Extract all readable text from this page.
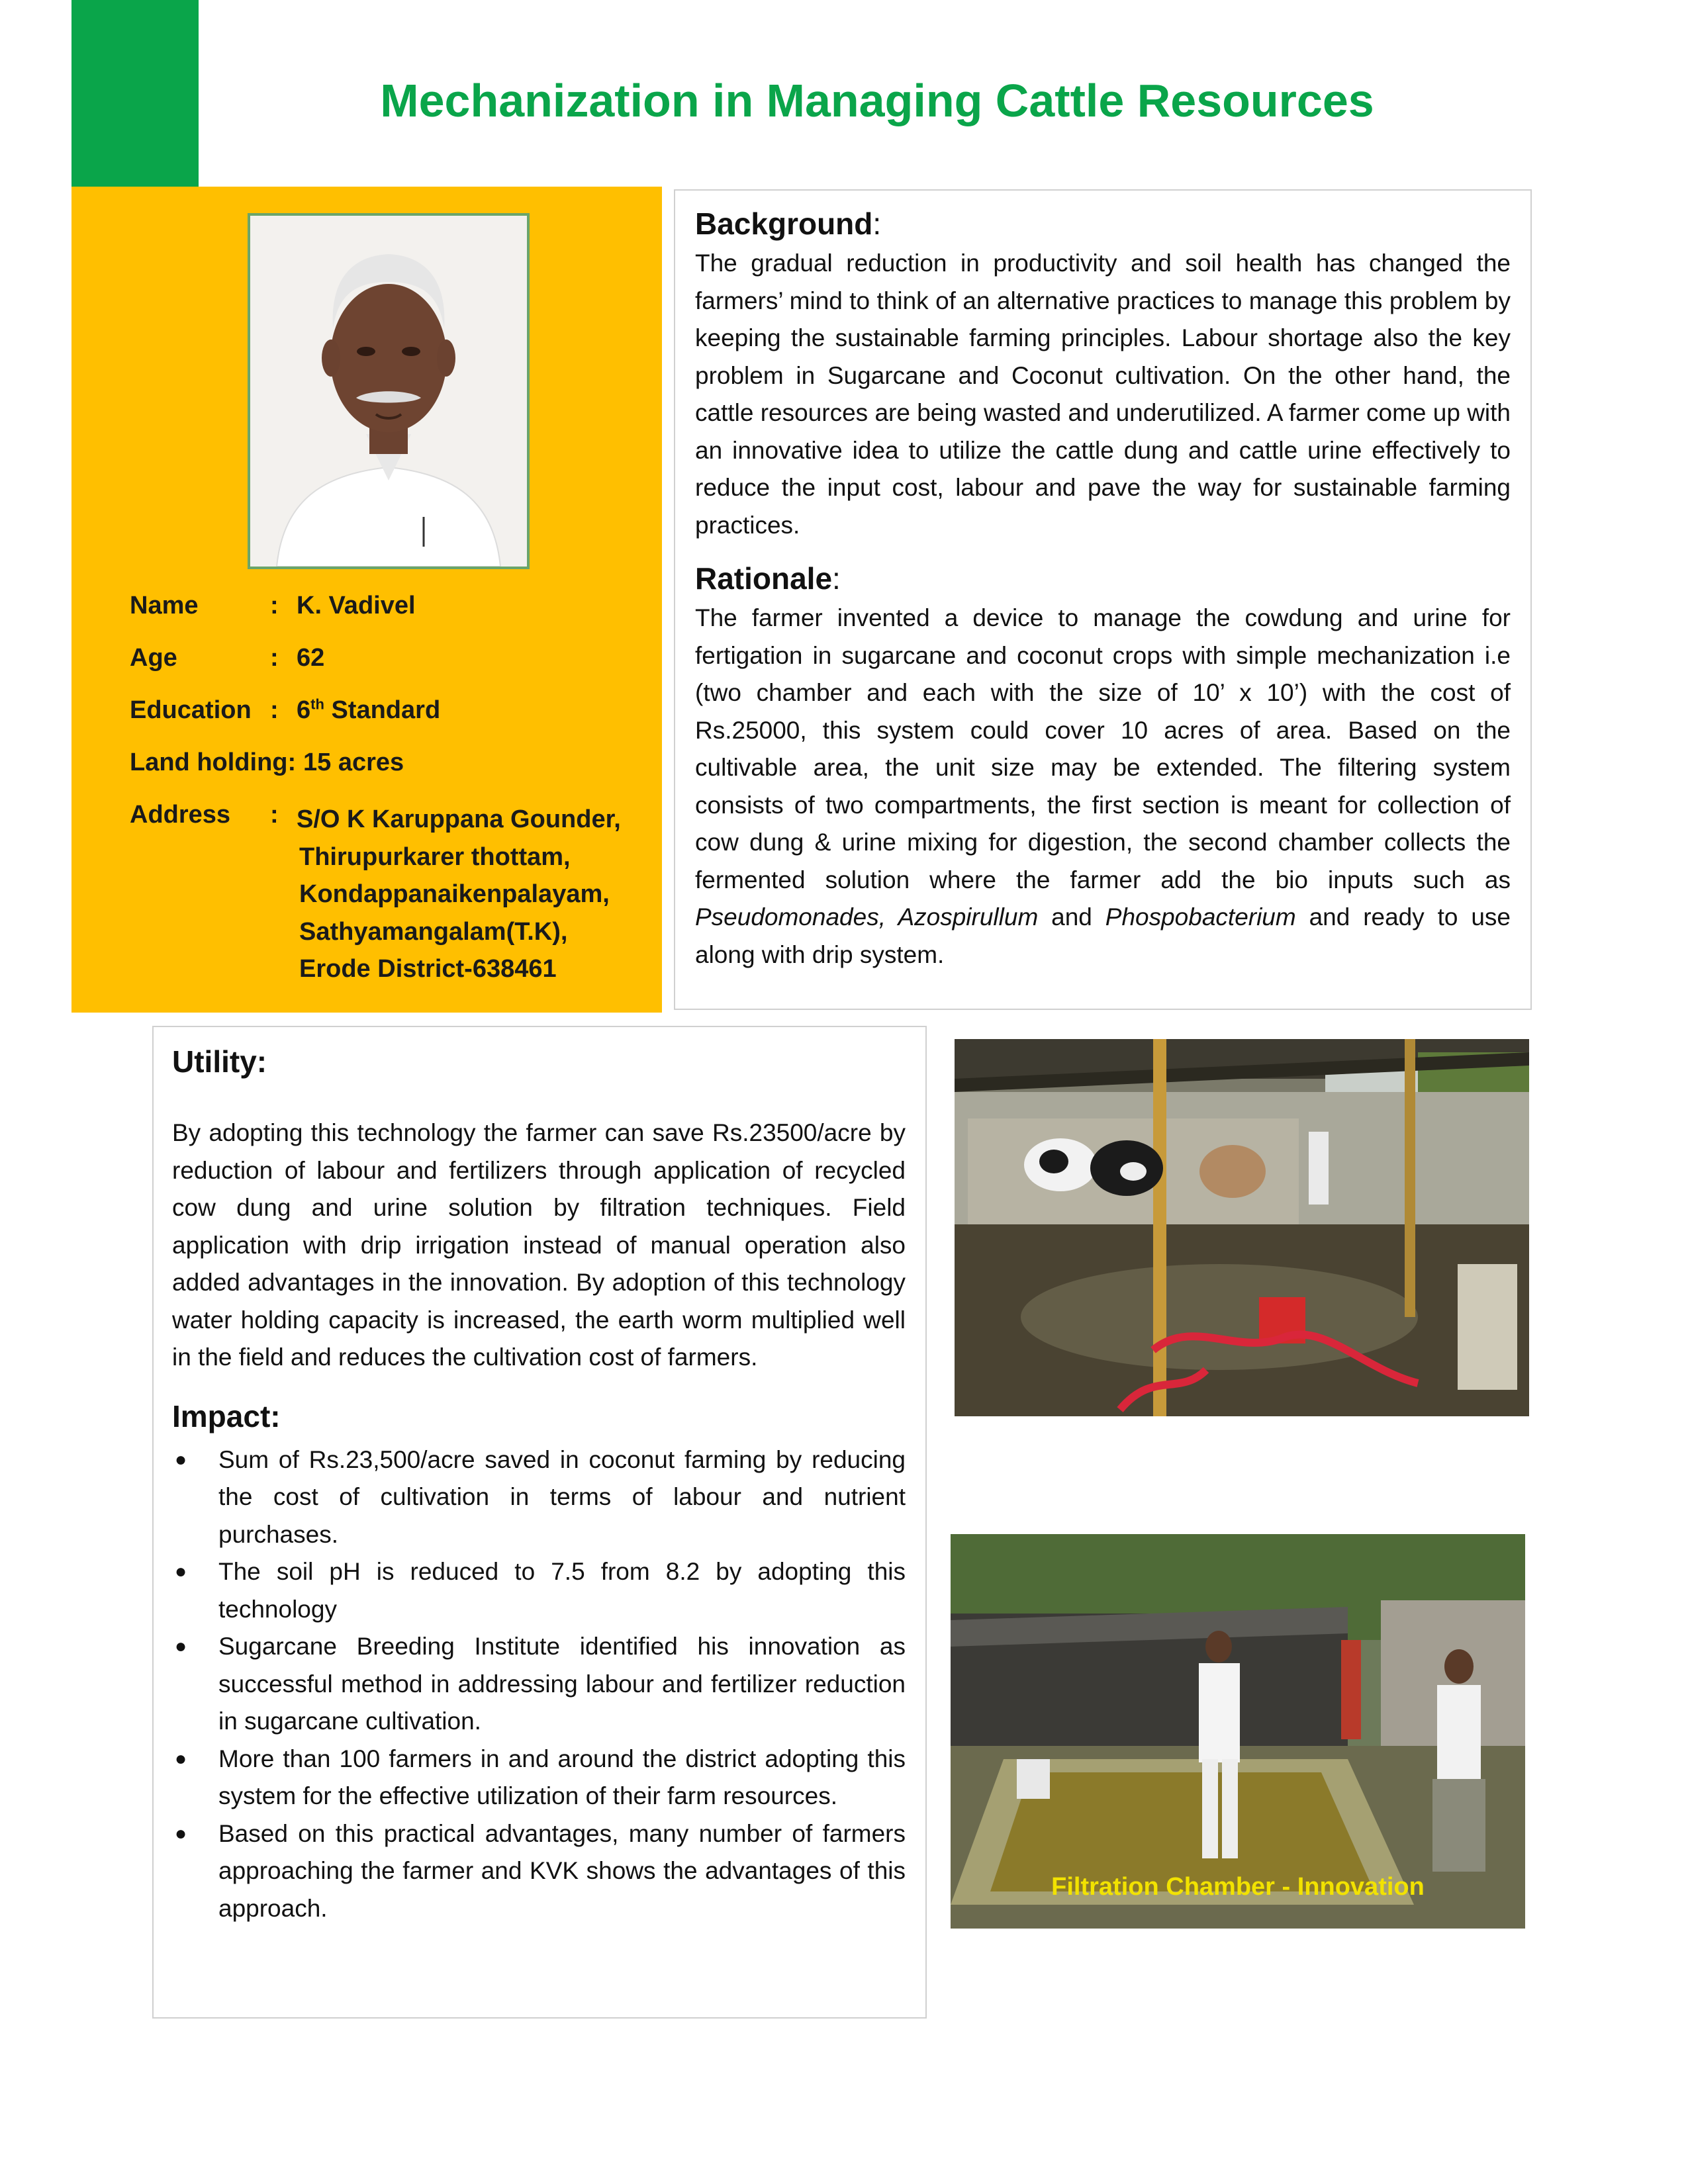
Mechanization in Managing Cattle Resources
Name	: K. Vadivel
Age	: 62
Education : 6th Standard
Land holding: 15 acres
Address : S/O K Karuppana Gounder,
Thirupurkarer thottam,
Kondappanaikenpalayam,
Sathyamangalam(T.K),
Erode District-638461

Background:

The gradual reduction in productivity and soil health has changed the farmers’ mind to think of an alternative practices to manage this problem by keeping the sustainable farming principles. Labour shortage also the key problem in Sugarcane and Coconut cultivation. On the other hand, the cattle resources are being wasted and underutilized. A farmer come up with an innovative idea to utilize the cattle dung and cattle urine effectively to reduce the input cost, labour and pave the way for sustainable farming practices.

Rationale:

The farmer invented a device to manage the cowdung and urine for fertigation in sugarcane and coconut crops with simple mechanization i.e (two chamber and each with the size of 10’ x 10’) with the cost of Rs.25000, this system could cover 10 acres of area. Based on the cultivable area, the unit size may be extended. The filtering system consists of two compartments, the first section is meant for collection of cow dung & urine mixing for digestion, the second chamber collects the fermented solution where the farmer add the bio inputs such as Pseudomonades, Azospirullum and Phospobacterium and ready to use along with drip system.

Utility:

By adopting this technology the farmer can save Rs.23500/acre by reduction of labour and fertilizers through application of recycled cow dung and urine solution by filtration techniques. Field application with drip irrigation instead of manual operation also added advantages in the innovation. By adoption of this technology water holding capacity is increased, the earth worm multiplied well in the field and reduces the cultivation cost of farmers.

Impact:

● Sum of Rs.23,500/acre saved in coconut farming by reducing the cost of cultivation in terms of labour and nutrient purchases.
● The soil pH is reduced to 7.5 from 8.2 by adopting this technology
● Sugarcane Breeding Institute identified his innovation as successful method in addressing labour and fertilizer reduction in sugarcane cultivation.
● More than 100 farmers in and around the district adopting this system for the effective utilization of their farm resources.
● Based on this practical advantages, many number of farmers approaching the farmer and KVK shows the advantages of this approach.
Filtration Chamber - Innovation
